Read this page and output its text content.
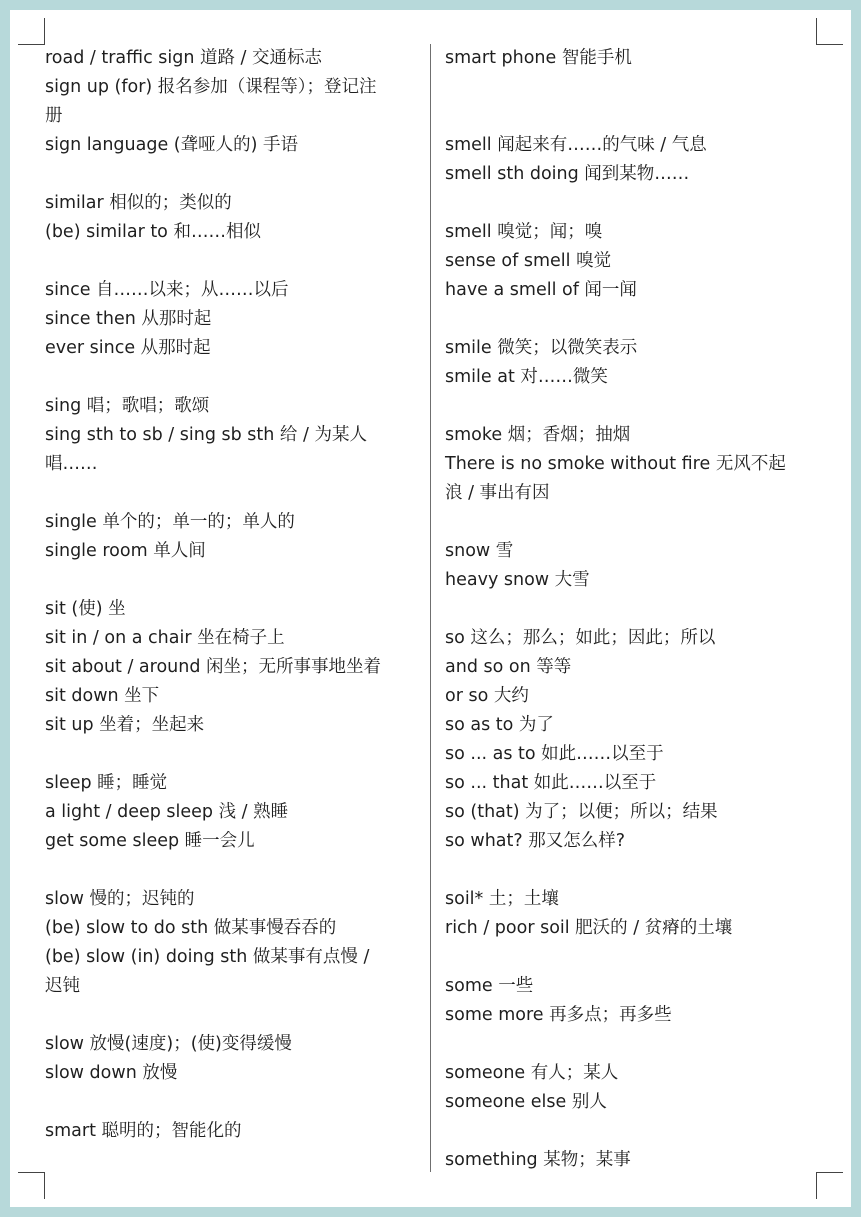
road / traffic sign 道路 / 交通标志
sign up (for) 报名参加（课程等）；登记注
册
sign language (聋哑人的) 手语
similar 相似的；类似的
(be) similar to 和……相似
since 自……以来；从……以后
since then 从那时起
ever since 从那时起
sing 唱；歌唱；歌颂
sing sth to sb / sing sb sth 给 / 为某人
唱……
single 单个的；单一的；单人的
single room 单人间
sit (使) 坐
sit in / on a chair 坐在椅子上
sit about / around 闲坐；无所事事地坐着
sit down 坐下
sit up 坐着；坐起来
sleep 睡；睡觉
a light / deep sleep 浅 / 熟睡
get some sleep 睡一会儿
slow 慢的；迟钝的
(be) slow to do sth 做某事慢吞吞的
(be) slow (in) doing sth 做某事有点慢 /
迟钝
slow 放慢(速度)；(使)变得缓慢
slow down 放慢
smart 聪明的；智能化的
smart phone 智能手机
smell 闻起来有……的气味 / 气息
smell sth doing 闻到某物……
smell 嗅觉；闻；嗅
sense of smell 嗅觉
have a smell of 闻一闻
smile 微笑；以微笑表示
smile at 对……微笑
smoke 烟；香烟；抽烟
There is no smoke without fire 无风不起
浪 / 事出有因
snow 雪
heavy snow 大雪
so 这么；那么；如此；因此；所以
and so on 等等
or so 大约
so as to 为了
so ... as to 如此……以至于
so ... that 如此……以至于
so (that) 为了；以便；所以；结果
so what? 那又怎么样?
soil* 土；土壤
rich / poor soil 肥沃的 / 贫瘠的土壤
some 一些
some more 再多点；再多些
someone 有人；某人
someone else 别人
something 某物；某事
